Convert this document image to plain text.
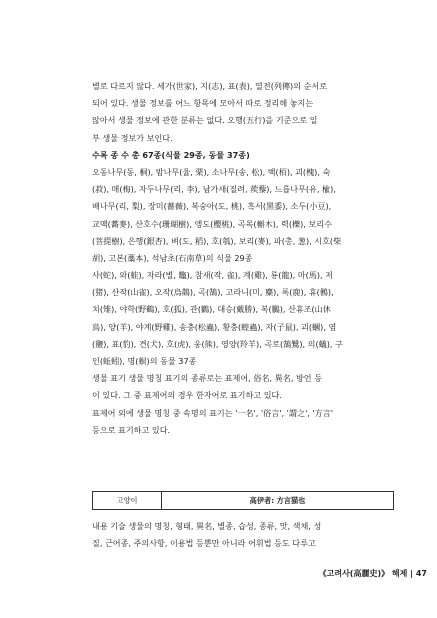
별로 다르지 않다. 세가(世家), 지(志), 표(表), 열전(列傳)의 순서로
되어 있다. 생물 정보를 어느 항목에 모아서 따로 정리해 놓지는
않아서 생물 정보에 관한 분류는 없다. 오행(五行)을 기준으로 일
부 생물 정보가 보인다.

수록 종 수 총 67종(식물 29종, 동물 37종)

오동나무(동, 桐), 밤나무(율, 栗), 소나무(송, 松), 백(栢), 괴(槐), 숙
(菽), 매(梅), 자두나무(리, 李), 남가새(질려, 蒺藜), 느릅나무(유, 楡),
배나무(리, 梨), 장미(薔薇), 복숭아(도, 桃), 흑서(黑黍), 소두(小豆),
교맥(蕎麥), 산호수(珊瑚樹), 앵도(櫻桃), 곡목(槲木), 력(櫟), 보리수
(菩提樹), 은행(銀杏), 벼(도, 稻), 호(瓠), 보리(麥), 파(총, 葱), 시호(柴
胡), 고본(藁本), 석남초(石南草)의 식물 29종

사(蛇), 와(蛙), 자라(별, 鼈), 참새(작, 雀), 계(雞), 룡(龍), 마(馬), 저
(猪), 산작(山雀), 오작(烏鵲), 곡(鵠), 고라니(미, 麋), 록(鹿), 휴(鵂),
치(雉), 야학(野鶴), 호(狐), 관(鸛), 대승(戴勝), 복(鵩), 산휴조(山休
鳥), 양(羊), 야계(野雞), 송충(松蟲), 황충(蝗蟲), 자(子鼠), 괴(蟈), 염
(鹽), 표(豹), 견(犬), 호(虎), 웅(熊), 영양(羚羊), 곡로(鵠鷺), 의(蟻), 구
인(蚯蚓), 명(螟)의 동물 37종

생물 표기 생물 명칭 표기의 종류로는 표제어, 俗名, 異名, 방언 등
이 있다. 그 중 표제어의 경우 한자어로 표기하고 있다.
표제어 외에 생물 명칭 중 속명의 표기는 '一名', '俗言', '謂之', '方言'
등으로 표기하고 있다.

고양이	高伊者: 方言猫也

내용 기술 생물의 명칭, 형태, 異名, 별종, 습성, 종류, 맛, 색채, 성
질, 근어종, 주의사항, 이용법 등뿐만 아니라 어휘법 등도 다루고

《고려사(高麗史)》 해제 | 47
